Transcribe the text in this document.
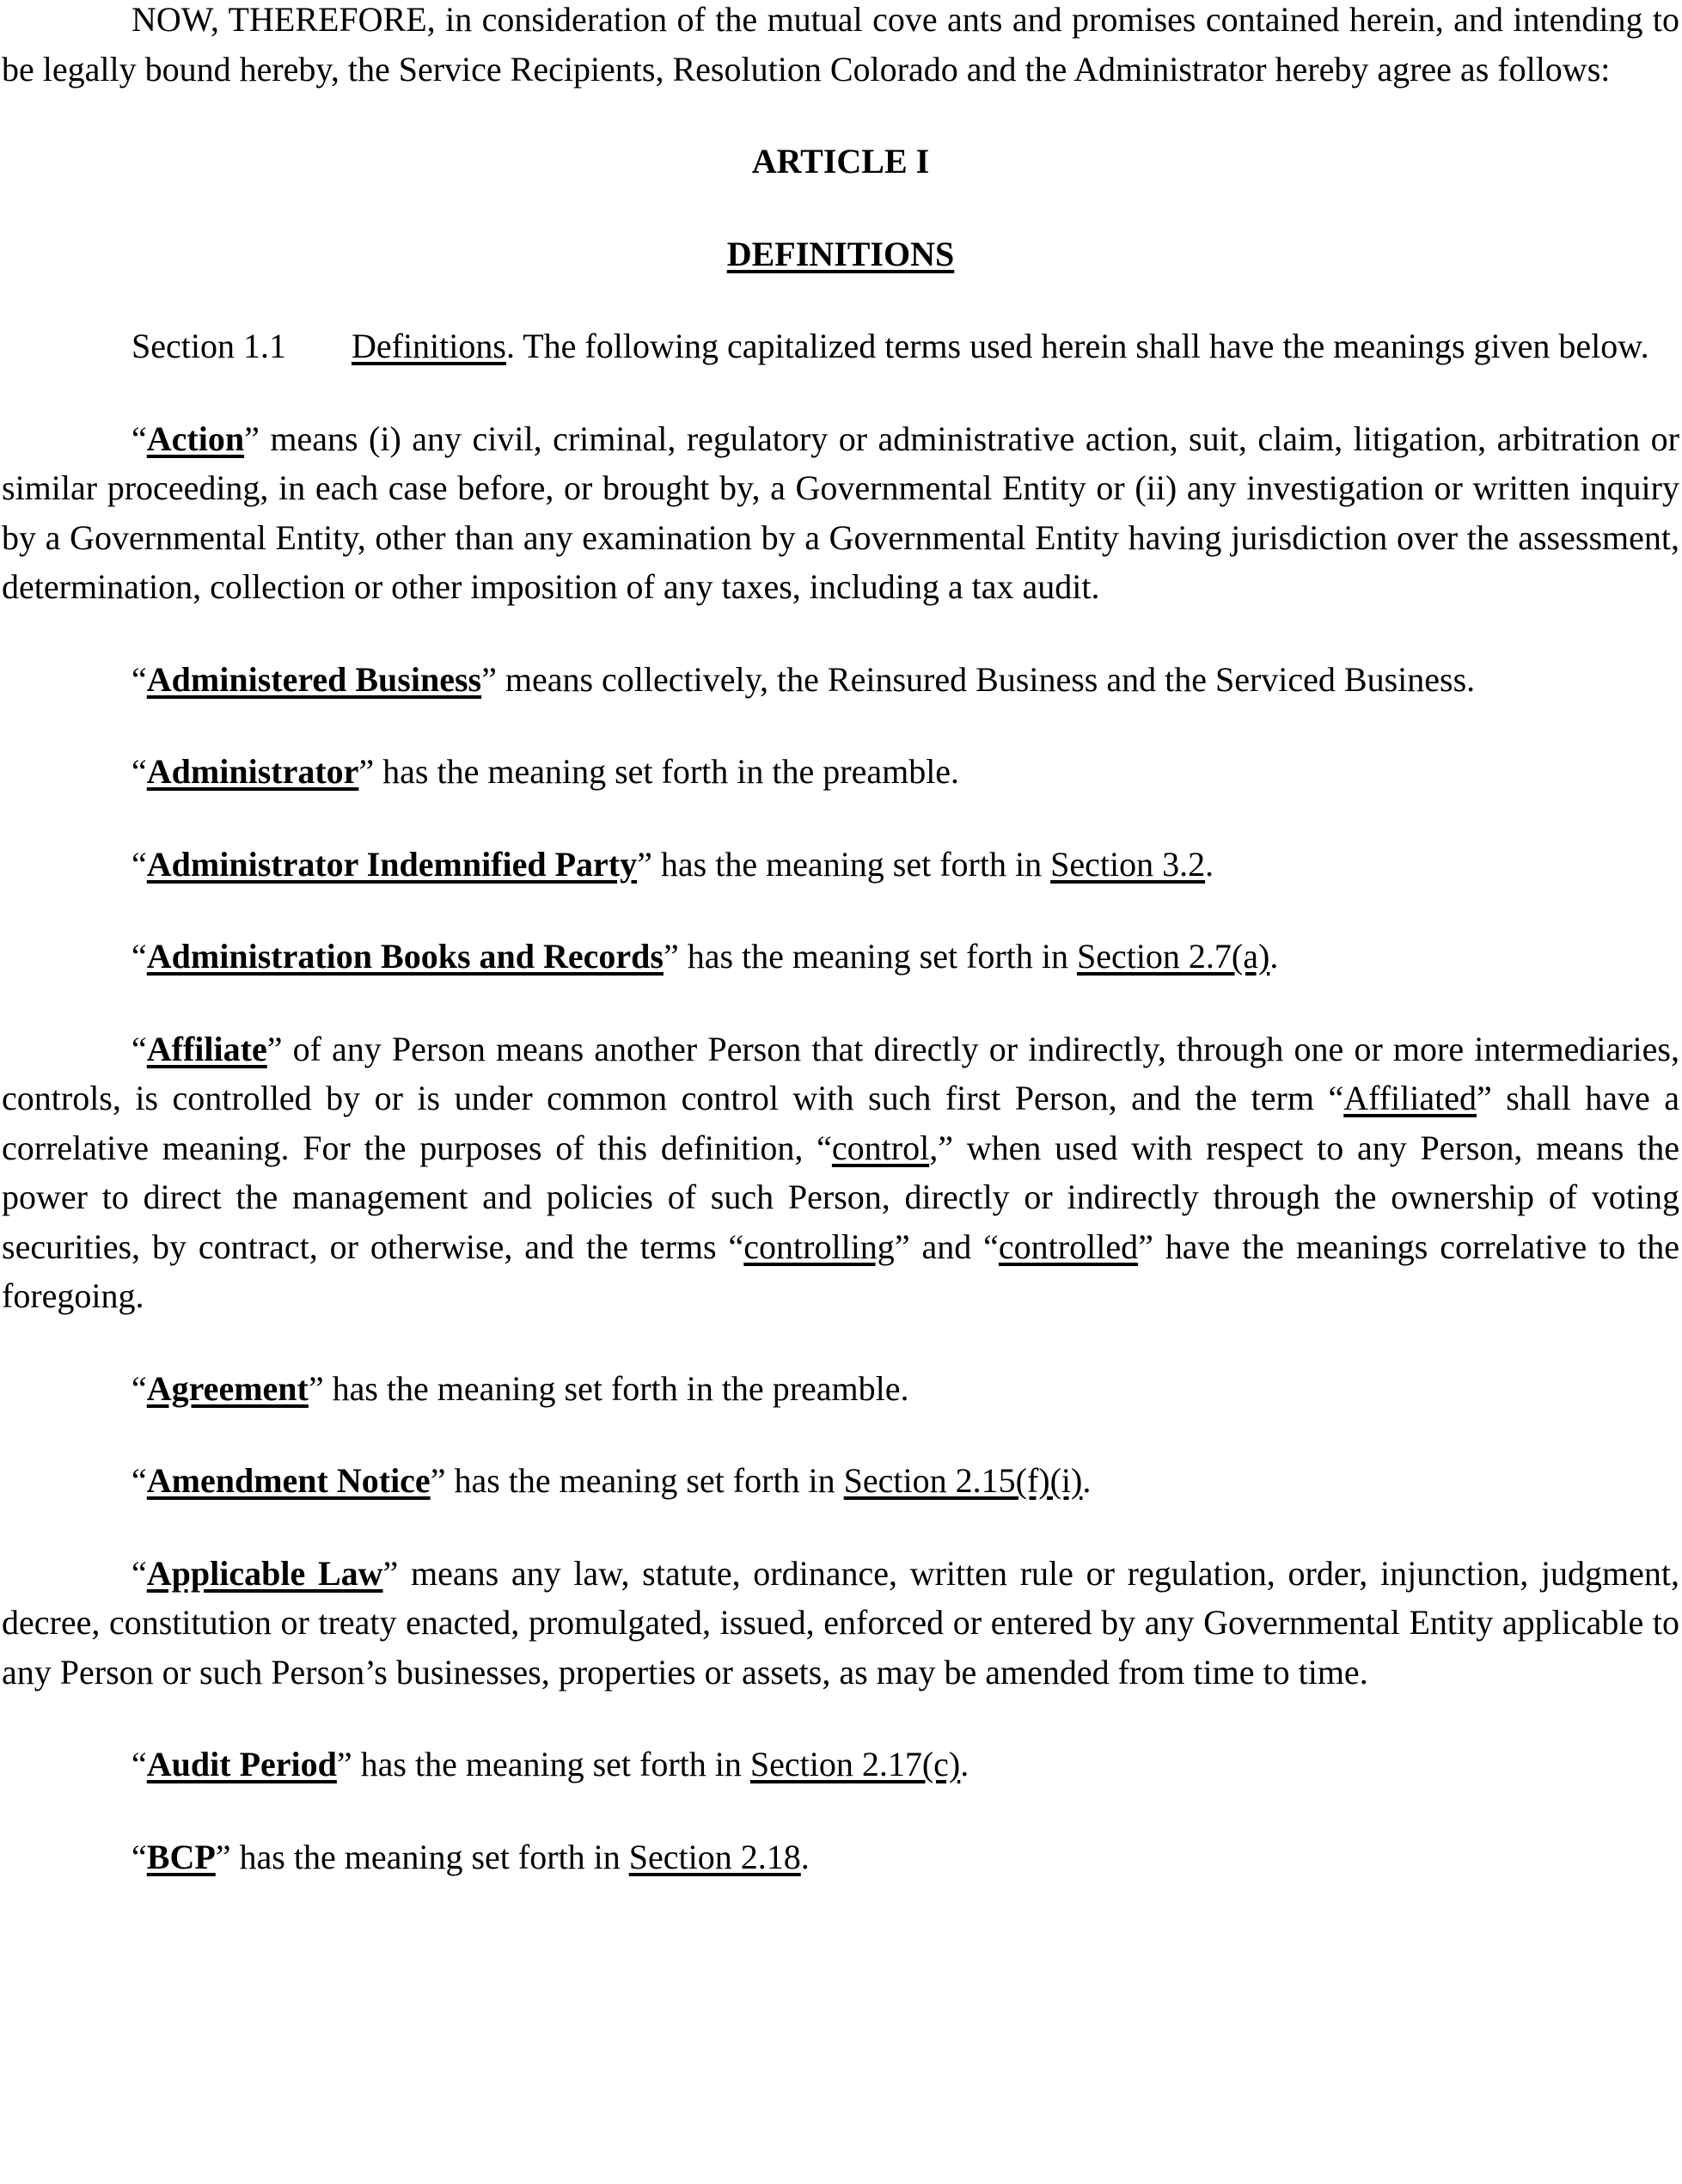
NOW, THEREFORE, in consideration of the mutual cove ants and promises contained herein, and intending to be legally bound hereby, the Service Recipients, Resolution Colorado and the Administrator hereby agree as follows:

ARTICLE I

DEFINITIONS

Section 1.1 Definitions. The following capitalized terms used herein shall have the meanings given below.

“Action” means (i) any civil, criminal, regulatory or administrative action, suit, claim, litigation, arbitration or similar proceeding, in each case before, or brought by, a Governmental Entity or (ii) any investigation or written inquiry by a Governmental Entity, other than any examination by a Governmental Entity having jurisdiction over the assessment, determination, collection or other imposition of any taxes, including a tax audit.

“Administered Business” means collectively, the Reinsured Business and the Serviced Business.

“Administrator” has the meaning set forth in the preamble.

“Administrator Indemnified Party” has the meaning set forth in Section 3.2.

“Administration Books and Records” has the meaning set forth in Section 2.7(a).

“Affiliate” of any Person means another Person that directly or indirectly, through one or more intermediaries, controls, is controlled by or is under common control with such first Person, and the term “Affiliated” shall have a correlative meaning. For the purposes of this definition, “control,” when used with respect to any Person, means the power to direct the management and policies of such Person, directly or indirectly through the ownership of voting securities, by contract, or otherwise, and the terms “controlling” and “controlled” have the meanings correlative to the foregoing.

“Agreement” has the meaning set forth in the preamble.

“Amendment Notice” has the meaning set forth in Section 2.15(f)(i).

“Applicable Law” means any law, statute, ordinance, written rule or regulation, order, injunction, judgment, decree, constitution or treaty enacted, promulgated, issued, enforced or entered by any Governmental Entity applicable to any Person or such Person’s businesses, properties or assets, as may be amended from time to time.

“Audit Period” has the meaning set forth in Section 2.17(c).

“BCP” has the meaning set forth in Section 2.18.
